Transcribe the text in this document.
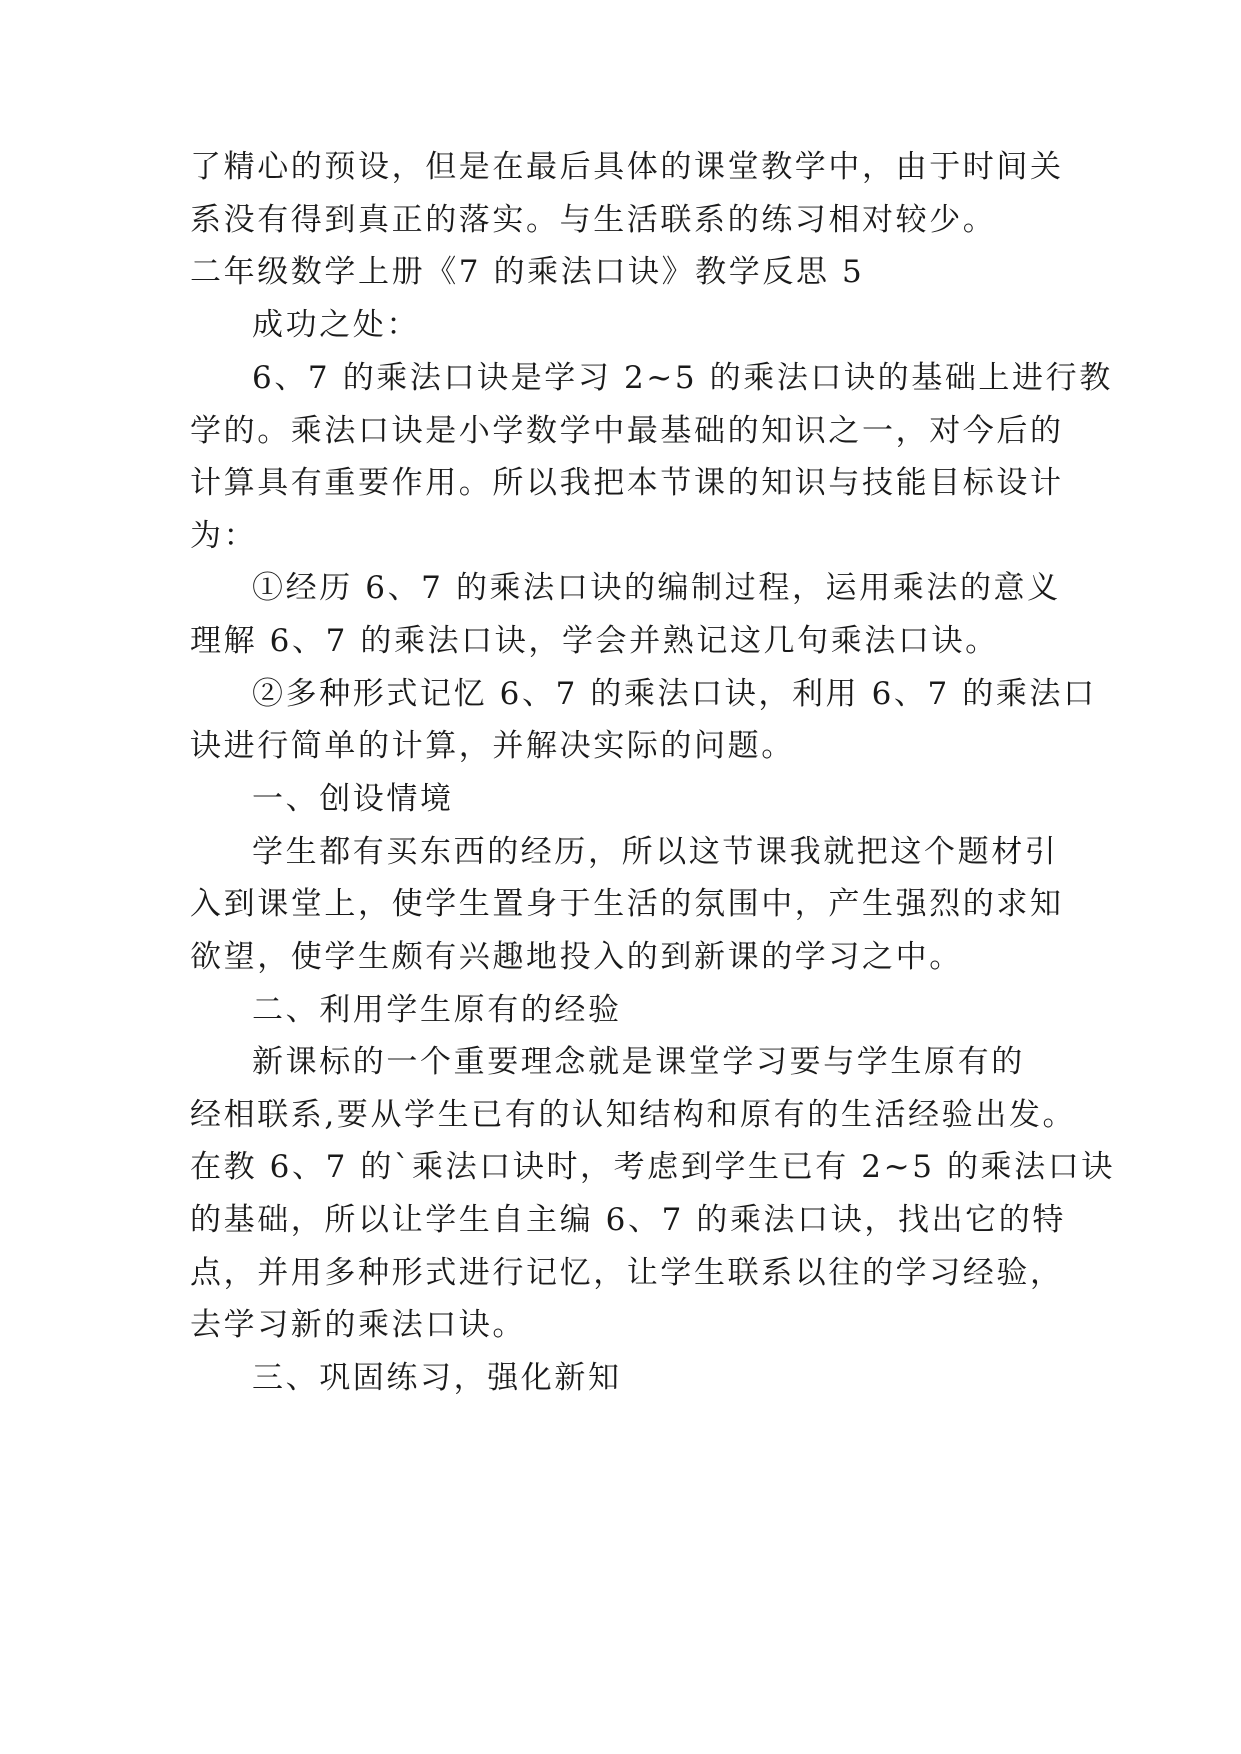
了精心的预设，但是在最后具体的课堂教学中，由于时间关
系没有得到真正的落实。与生活联系的练习相对较少。
二年级数学上册《7 的乘法口诀》教学反思 5
成功之处：
6、7 的乘法口诀是学习 2~5 的乘法口诀的基础上进行教
学的。乘法口诀是小学数学中最基础的知识之一，对今后的
计算具有重要作用。所以我把本节课的知识与技能目标设计
为：
①经历 6、7 的乘法口诀的编制过程，运用乘法的意义
理解 6、7 的乘法口诀，学会并熟记这几句乘法口诀。
②多种形式记忆 6、7 的乘法口诀，利用 6、7 的乘法口
诀进行简单的计算，并解决实际的问题。
一、创设情境
学生都有买东西的经历，所以这节课我就把这个题材引
入到课堂上，使学生置身于生活的氛围中，产生强烈的求知
欲望，使学生颇有兴趣地投入的到新课的学习之中。
二、利用学生原有的经验
新课标的一个重要理念就是课堂学习要与学生原有的
经相联系,要从学生已有的认知结构和原有的生活经验出发。
在教 6、7 的`乘法口诀时，考虑到学生已有 2~5 的乘法口诀
的基础，所以让学生自主编 6、7 的乘法口诀，找出它的特
点，并用多种形式进行记忆，让学生联系以往的学习经验，
去学习新的乘法口诀。
三、巩固练习，强化新知
